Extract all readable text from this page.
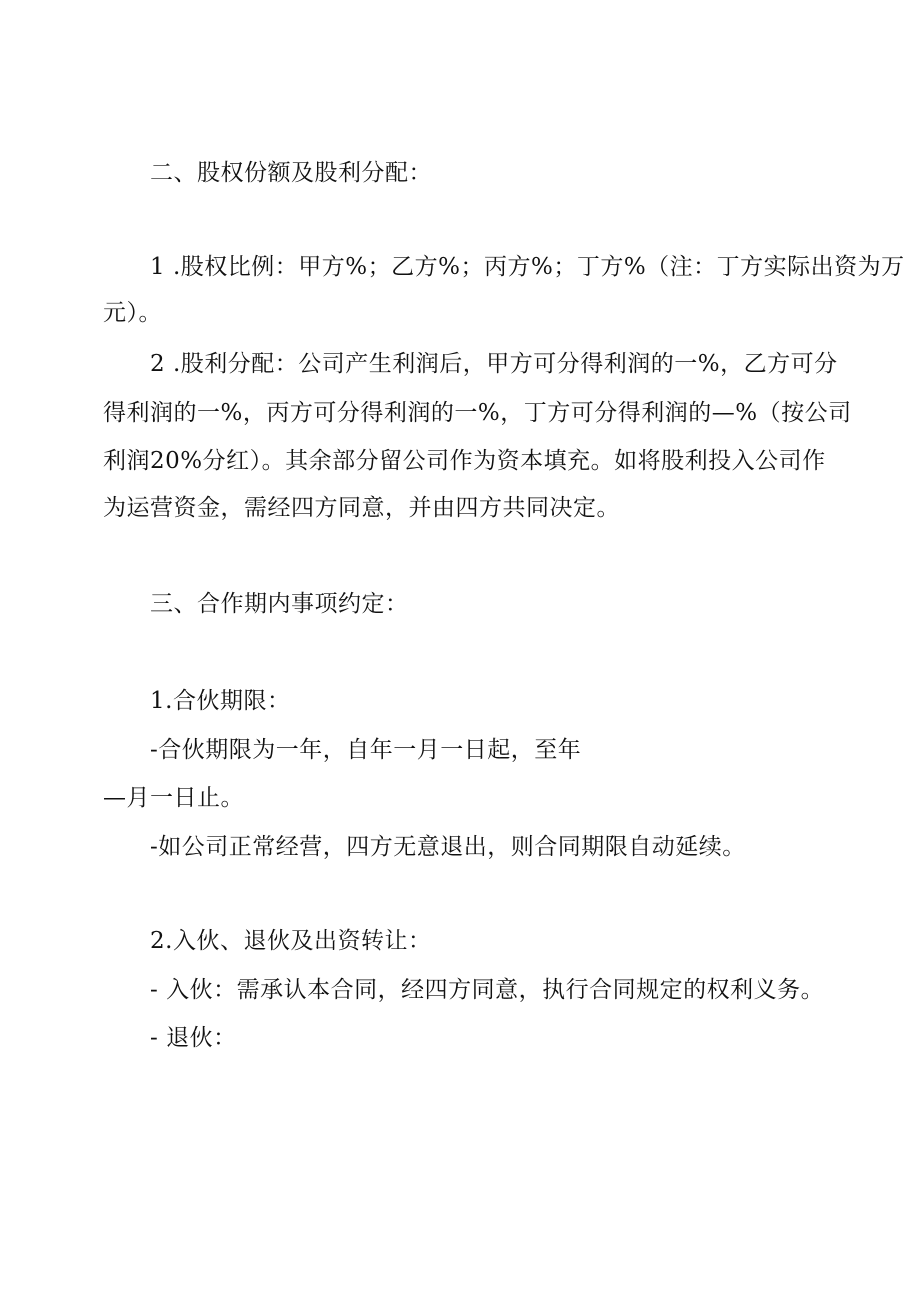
二、股权份额及股利分配：
1 .股权比例：甲方%；乙方%；丙方%；丁方%（注：丁方实际出资为万
元）。
2 .股利分配：公司产生利润后，甲方可分得利润的一%，乙方可分
得利润的一%，丙方可分得利润的一%，丁方可分得利润的—%（按公司
利润20%分红）。其余部分留公司作为资本填充。如将股利投入公司作
为运营资金，需经四方同意，并由四方共同决定。
三、合作期内事项约定：
1.合伙期限：
-合伙期限为一年，自年一月一日起，至年
—月一日止。
-如公司正常经营，四方无意退出，则合同期限自动延续。
2.入伙、退伙及出资转让：
- 入伙：需承认本合同，经四方同意，执行合同规定的权利义务。
- 退伙：
